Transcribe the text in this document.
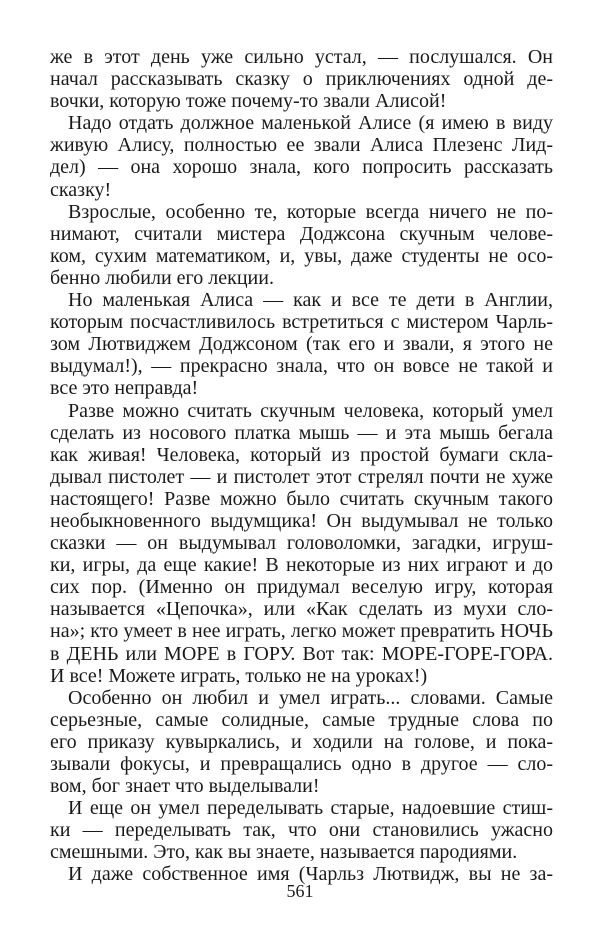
же в этот день уже сильно устал, — послушался. Он
начал рассказывать сказку о приключениях одной де-
вочки, которую тоже почему-то звали Алисой!
Надо отдать должное маленькой Алисе (я имею в виду
живую Алису, полностью ее звали Алиса Плезенс Лид-
дел) — она хорошо знала, кого попросить рассказать
сказку!
Взрослые, особенно те, которые всегда ничего не по-
нимают, считали мистера Доджсона скучным челове-
ком, сухим математиком, и, увы, даже студенты не осо-
бенно любили его лекции.
Но маленькая Алиса — как и все те дети в Англии,
которым посчастливилось встретиться с мистером Чарль-
зом Лютвиджем Доджсоном (так его и звали, я этого не
выдумал!), — прекрасно знала, что он вовсе не такой и
все это неправда!
Разве можно считать скучным человека, который умел
сделать из носового платка мышь — и эта мышь бегала
как живая! Человека, который из простой бумаги скла-
дывал пистолет — и пистолет этот стрелял почти не хуже
настоящего! Разве можно было считать скучным такого
необыкновенного выдумщика! Он выдумывал не только
сказки — он выдумывал головоломки, загадки, игруш-
ки, игры, да еще какие! В некоторые из них играют и до
сих пор. (Именно он придумал веселую игру, которая
называется «Цепочка», или «Как сделать из мухи сло-
на»; кто умеет в нее играть, легко может превратить НОЧЬ
в ДЕНЬ или МОРЕ в ГОРУ. Вот так: МОРЕ-ГОРЕ-ГОРА.
И все! Можете играть, только не на уроках!)
Особенно он любил и умел играть... словами. Самые
серьезные, самые солидные, самые трудные слова по
его приказу кувыркались, и ходили на голове, и пока-
зывали фокусы, и превращались одно в другое — сло-
вом, бог знает что выделывали!
И еще он умел переделывать старые, надоевшие стиш-
ки — переделывать так, что они становились ужасно
смешными. Это, как вы знаете, называется пародиями.
И даже собственное имя (Чарльз Лютвидж, вы не за-
561
